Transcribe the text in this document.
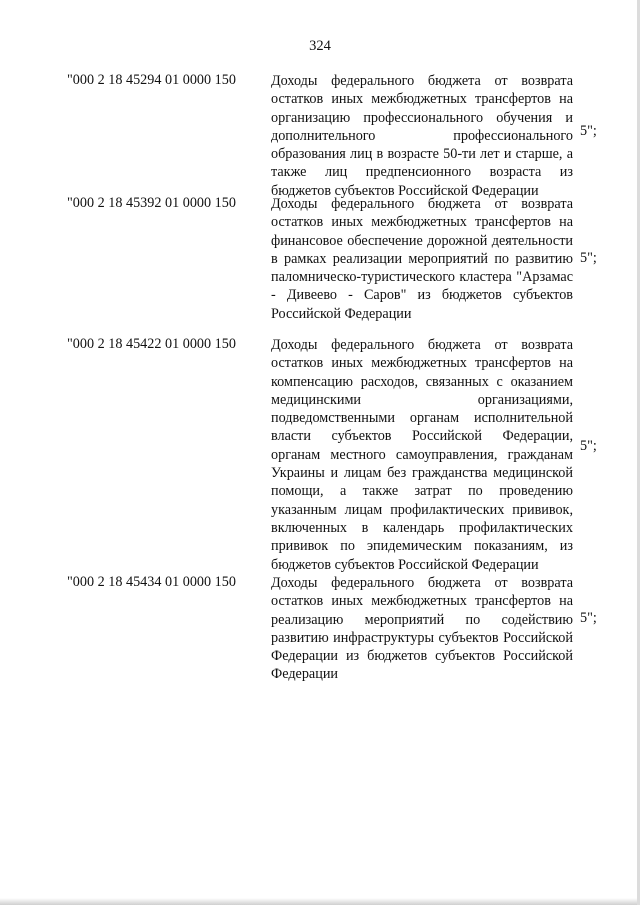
324
"000 2 18 45294 01 0000 150 Доходы федерального бюджета от возврата остатков иных межбюджетных трансфертов на организацию профессионального обучения и дополнительного профессионального образования лиц в возрасте 50-ти лет и старше, а также лиц предпенсионного возраста из бюджетов субъектов Российской Федерации
5";
"000 2 18 45392 01 0000 150 Доходы федерального бюджета от возврата остатков иных межбюджетных трансфертов на финансовое обеспечение дорожной деятельности в рамках реализации мероприятий по развитию паломническо-туристического кластера "Арзамас - Дивеево - Саров" из бюджетов субъектов Российской Федерации
5";
"000 2 18 45422 01 0000 150 Доходы федерального бюджета от возврата остатков иных межбюджетных трансфертов на компенсацию расходов, связанных с оказанием медицинскими организациями, подведомственными органам исполнительной власти субъектов Российской Федерации, органам местного самоуправления, гражданам Украины и лицам без гражданства медицинской помощи, а также затрат по проведению указанным лицам профилактических прививок, включенных в календарь профилактических прививок по эпидемическим показаниям, из бюджетов субъектов Российской Федерации
5";
"000 2 18 45434 01 0000 150 Доходы федерального бюджета от возврата остатков иных межбюджетных трансфертов на реализацию мероприятий по содействию развитию инфраструктуры субъектов Российской Федерации из бюджетов субъектов Российской Федерации
5";
